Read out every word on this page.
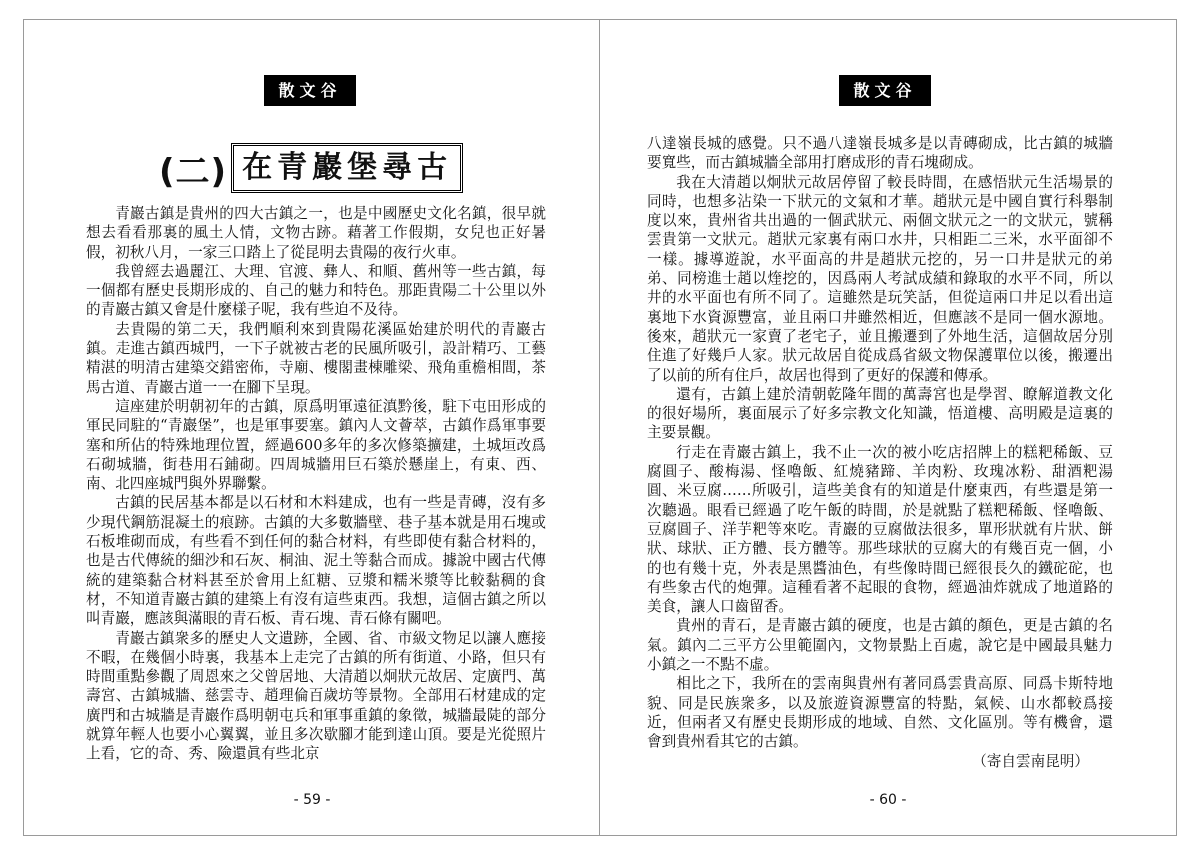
散文谷
(二) 在青巖堡尋古

青巖古鎮是貴州的四大古鎮之一，也是中國歷史文化名鎮，很早就想去看看那裏的風土人情，文物古跡。藉著工作假期，女兒也正好暑假，初秋八月，一家三口踏上了從昆明去貴陽的夜行火車。

我曾經去過麗江、大理、官渡、彝人、和順、舊州等一些古鎮，每一個都有歷史長期形成的、自己的魅力和特色。那距貴陽二十公里以外的青巖古鎮又會是什麼樣子呢，我有些迫不及待。

去貴陽的第二天，我們順利來到貴陽花溪區始建於明代的青巖古鎮。走進古鎮西城門，一下子就被古老的民風所吸引，設計精巧、工藝精湛的明清古建築交錯密佈，寺廟、樓閣畫棟雕梁、飛角重檐相間，茶馬古道、青巖古道一一在腳下呈現。

這座建於明朝初年的古鎮，原爲明軍遠征滇黔後，駐下屯田形成的軍民同駐的“青巖堡”，也是軍事要塞。鎮內人文薈萃，古鎮作爲軍事要塞和所佔的特殊地理位置，經過600多年的多次修築擴建，土城垣改爲石砌城牆，街巷用石鋪砌。四周城牆用巨石築於懸崖上，有東、西、南、北四座城門與外界聯繫。

古鎮的民居基本都是以石材和木料建成，也有一些是青磚，沒有多少現代鋼筋混凝土的痕跡。古鎮的大多數牆壁、巷子基本就是用石塊或石板堆砌而成，有些看不到任何的黏合材料，有些即使有黏合材料的，也是古代傳統的細沙和石灰、桐油、泥土等黏合而成。據說中國古代傳統的建築黏合材料甚至於會用上紅糖、豆漿和糯米漿等比較黏稠的食材，不知道青巖古鎮的建築上有沒有這些東西。我想，這個古鎮之所以叫青巖，應該與滿眼的青石板、青石塊、青石條有關吧。

青巖古鎮衆多的歷史人文遺跡，全國、省、市級文物足以讓人應接不暇，在幾個小時裏，我基本上走完了古鎮的所有街道、小路，但只有時間重點參觀了周恩來之父曾居地、大清趙以炯狀元故居、定廣門、萬壽宮、古鎮城牆、慈雲寺、趙理倫百歲坊等景物。全部用石材建成的定廣門和古城牆是青巖作爲明朝屯兵和軍事重鎮的象徵，城牆最陡的部分就算年輕人也要小心翼翼，並且多次歇腳才能到達山頂。要是光從照片上看，它的奇、秀、險還眞有些北京

- 59 -
散文谷

八達嶺長城的感覺。只不過八達嶺長城多是以青磚砌成，比古鎮的城牆要寬些，而古鎮城牆全部用打磨成形的青石塊砌成。

我在大清趙以炯狀元故居停留了較長時間，在感悟狀元生活場景的同時，也想多沾染一下狀元的文氣和才華。趙狀元是中國自實行科舉制度以來，貴州省共出過的一個武狀元、兩個文狀元之一的文狀元，號稱雲貴第一文狀元。趙狀元家裏有兩口水井，只相距二三米，水平面卻不一樣。據導遊說，水平面高的井是趙狀元挖的，另一口井是狀元的弟弟、同榜進士趙以煃挖的，因爲兩人考試成績和錄取的水平不同，所以井的水平面也有所不同了。這雖然是玩笑話，但從這兩口井足以看出這裏地下水資源豐富，並且兩口井雖然相近，但應該不是同一個水源地。後來，趙狀元一家賣了老宅子，並且搬遷到了外地生活，這個故居分別住進了好幾戶人家。狀元故居自從成爲省級文物保護單位以後，搬遷出了以前的所有住戶，故居也得到了更好的保護和傳承。

還有，古鎮上建於清朝乾隆年間的萬壽宮也是學習、瞭解道教文化的很好場所，裏面展示了好多宗教文化知識，悟道樓、高明殿是這裏的主要景觀。

行走在青巖古鎮上，我不止一次的被小吃店招牌上的糕粑稀飯、豆腐圓子、酸梅湯、怪嚕飯、紅燒豬蹄、羊肉粉、玫瑰冰粉、甜酒粑湯圓、米豆腐……所吸引，這些美食有的知道是什麼東西，有些還是第一次聽過。眼看已經過了吃午飯的時間，於是就點了糕粑稀飯、怪嚕飯、豆腐圓子、洋芋粑等來吃。青巖的豆腐做法很多，單形狀就有片狀、餅狀、球狀、正方體、長方體等。那些球狀的豆腐大的有幾百克一個，小的也有幾十克，外表是黑醬油色，有些像時間已經很長久的鐵砣砣，也有些象古代的炮彈。這種看著不起眼的食物，經過油炸就成了地道路的美食，讓人口齒留香。

貴州的青石，是青巖古鎮的硬度，也是古鎮的顏色，更是古鎮的名氣。鎮內二三平方公里範圍內，文物景點上百處，說它是中國最具魅力小鎮之一不點不虛。

相比之下，我所在的雲南與貴州有著同爲雲貴高原、同爲卡斯特地貌、同是民族衆多，以及旅遊資源豐富的特點，氣候、山水都較爲接近，但兩者又有歷史長期形成的地域、自然、文化區別。等有機會，還會到貴州看其它的古鎮。

（寄自雲南昆明）

- 60 -
